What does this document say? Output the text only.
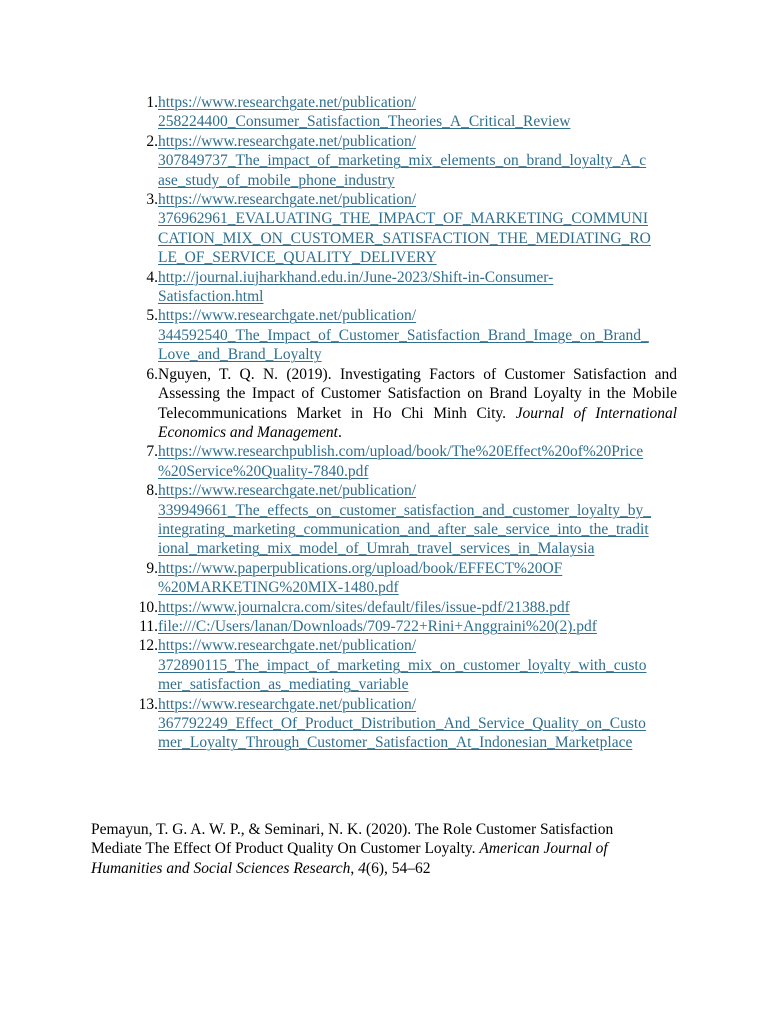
1. https://www.researchgate.net/publication/
258224400_Consumer_Satisfaction_Theories_A_Critical_Review
2. https://www.researchgate.net/publication/
307849737_The_impact_of_marketing_mix_elements_on_brand_loyalty_A_c
ase_study_of_mobile_phone_industry
3. https://www.researchgate.net/publication/
376962961_EVALUATING_THE_IMPACT_OF_MARKETING_COMMUNI
CATION_MIX_ON_CUSTOMER_SATISFACTION_THE_MEDIATING_RO
LE_OF_SERVICE_QUALITY_DELIVERY
4. http://journal.iujharkhand.edu.in/June-2023/Shift-in-Consumer-
Satisfaction.html
5. https://www.researchgate.net/publication/
344592540_The_Impact_of_Customer_Satisfaction_Brand_Image_on_Brand_
Love_and_Brand_Loyalty
6. Nguyen, T. Q. N. (2019). Investigating Factors of Customer Satisfaction and Assessing the Impact of Customer Satisfaction on Brand Loyalty in the Mobile Telecommunications Market in Ho Chi Minh City. Journal of International Economics and Management.
7. https://www.researchpublish.com/upload/book/The%20Effect%20of%20Price
%20Service%20Quality-7840.pdf
8. https://www.researchgate.net/publication/
339949661_The_effects_on_customer_satisfaction_and_customer_loyalty_by_
integrating_marketing_communication_and_after_sale_service_into_the_tradit
ional_marketing_mix_model_of_Umrah_travel_services_in_Malaysia
9. https://www.paperpublications.org/upload/book/EFFECT%20OF
%20MARKETING%20MIX-1480.pdf
10. https://www.journalcra.com/sites/default/files/issue-pdf/21388.pdf
11. file:///C:/Users/lanan/Downloads/709-722+Rini+Anggraini%20(2).pdf
12. https://www.researchgate.net/publication/
372890115_The_impact_of_marketing_mix_on_customer_loyalty_with_custo
mer_satisfaction_as_mediating_variable
13. https://www.researchgate.net/publication/
367792249_Effect_Of_Product_Distribution_And_Service_Quality_on_Custo
mer_Loyalty_Through_Customer_Satisfaction_At_Indonesian_Marketplace

Pemayun, T. G. A. W. P., & Seminari, N. K. (2020). The Role Customer Satisfaction Mediate The Effect Of Product Quality On Customer Loyalty. American Journal of Humanities and Social Sciences Research, 4(6), 54–62
